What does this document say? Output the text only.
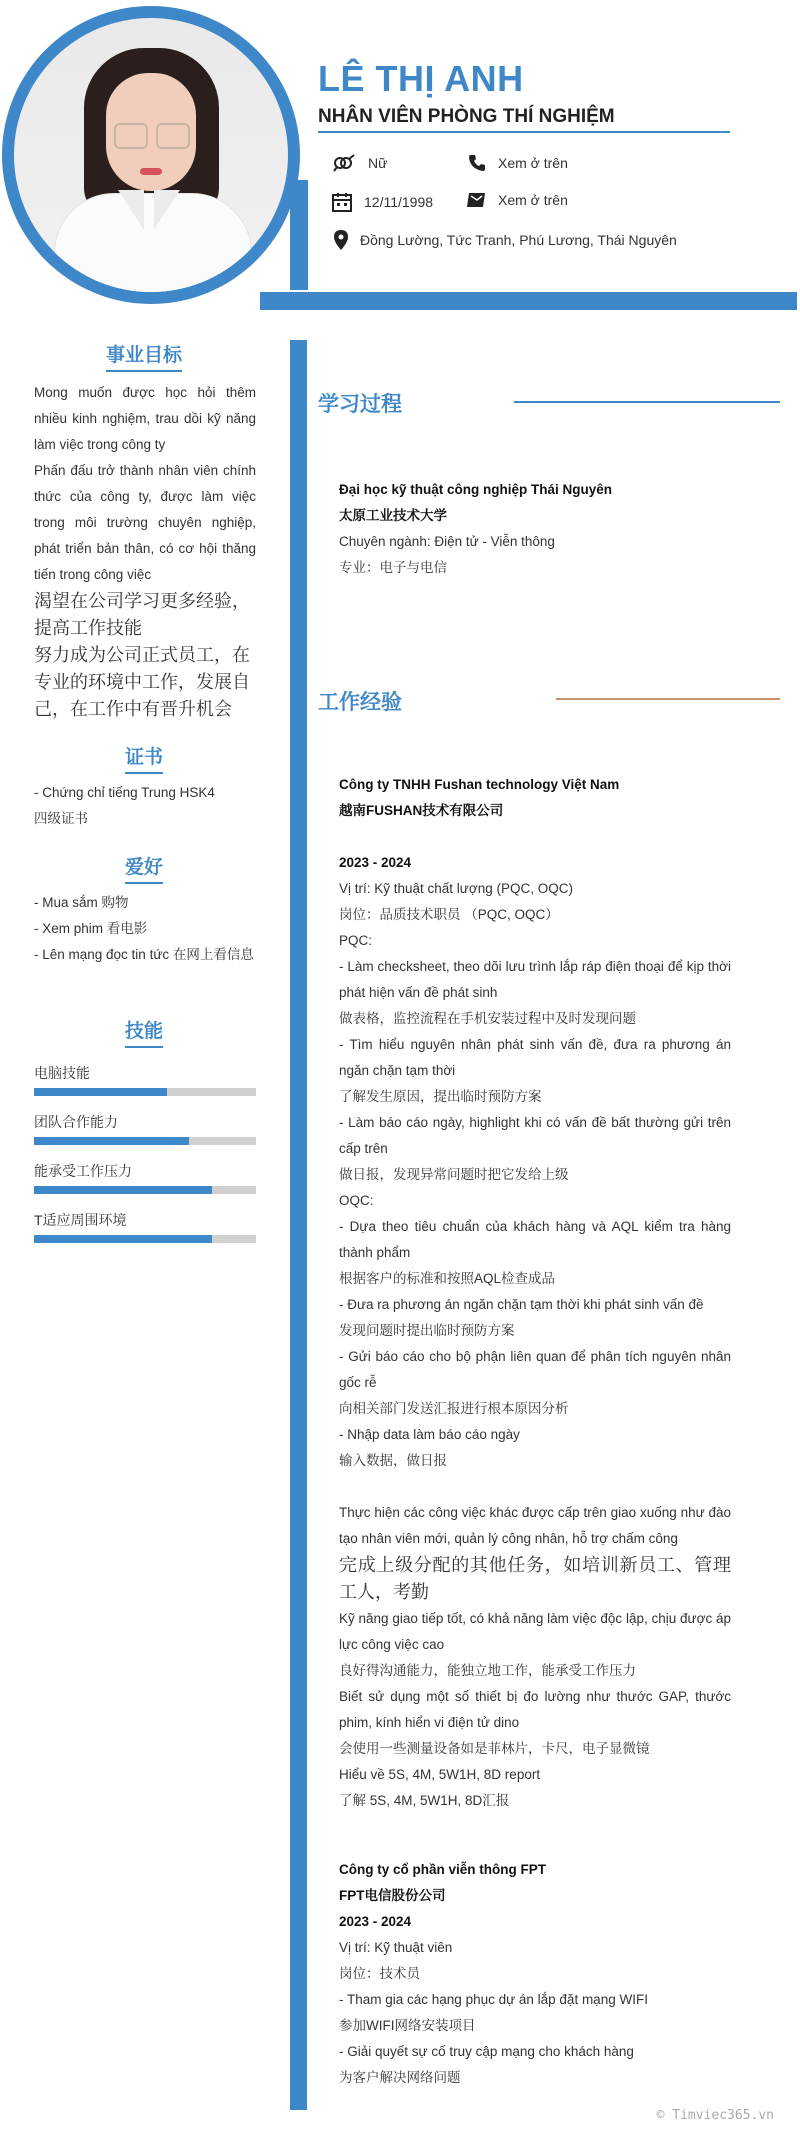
LÊ THỊ ANH
NHÂN VIÊN PHÒNG THÍ NGHIỆM
Nữ	Xem ở trên
12/11/1998	Xem ở trên
Đồng Lường, Tức Tranh, Phú Lương, Thái Nguyên
事业目标
Mong muốn được học hỏi thêm nhiều kinh nghiệm, trau dồi kỹ năng làm việc trong công ty
Phấn đấu trở thành nhân viên chính thức của công ty, được làm việc trong môi trường chuyên nghiệp, phát triển bản thân, có cơ hội thăng tiến trong công việc
渴望在公司学习更多经验，提高工作技能
努力成为公司正式员工，在专业的环境中工作，发展自己，在工作中有晋升机会
证书
- Chứng chỉ tiếng Trung HSK4
四级证书
爱好
- Mua sắm 购物
- Xem phim 看电影
- Lên mạng đọc tin tức 在网上看信息
技能
电脑技能
团队合作能力
能承受工作压力
T适应周围环境
学习过程
Đại học kỹ thuật công nghiệp Thái Nguyên
太原工业技术大学
Chuyên ngành: Điện tử - Viễn thông
专业：电子与电信
工作经验
Công ty TNHH Fushan technology Việt Nam
越南FUSHAN技术有限公司
2023 - 2024
Vị trí: Kỹ thuật chất lượng (PQC, OQC)
岗位：品质技术职员 （PQC, OQC）
PQC:
- Làm checksheet, theo dõi lưu trình lắp ráp điện thoại để kịp thời phát hiện vấn đề phát sinh
做表格，监控流程在手机安装过程中及时发现问题
- Tìm hiểu nguyên nhân phát sinh vấn đề, đưa ra phương án ngăn chặn tạm thời
了解发生原因，提出临时预防方案
- Làm báo cáo ngày, highlight khi có vấn đề bất thường gửi trên cấp trên
做日报，发现异常问题时把它发给上级
OQC:
- Dựa theo tiêu chuẩn của khách hàng và AQL kiểm tra hàng thành phẩm
根据客户的标准和按照AQL检查成品
- Đưa ra phương án ngăn chặn tạm thời khi phát sinh vấn đề
发现问题时提出临时预防方案
- Gửi báo cáo cho bộ phận liên quan để phân tích nguyên nhân gốc rễ
向相关部门发送汇报进行根本原因分析
- Nhập data làm báo cáo ngày
输入数据，做日报
Thực hiện các công việc khác được cấp trên giao xuống như đào tạo nhân viên mới, quản lý công nhân, hỗ trợ chấm công
完成上级分配的其他任务，如培训新员工、管理工人，考勤
Kỹ năng giao tiếp tốt, có khả năng làm việc độc lập, chịu được áp lực công việc cao
良好得沟通能力，能独立地工作，能承受工作压力
Biết sử dụng một số thiết bị đo lường như thước GAP, thước phim, kính hiển vi điện tử dino
会使用一些测量设备如是菲林片，卡尺，电子显微镜
Hiểu về 5S, 4M, 5W1H, 8D report
了解 5S, 4M, 5W1H, 8D汇报
Công ty cổ phần viễn thông FPT
FPT电信股份公司
2023 - 2024
Vị trí: Kỹ thuật viên
岗位：技术员
- Tham gia các hạng phục dự án lắp đặt mạng WIFI
参加WIFI网络安装项目
- Giải quyết sự cố truy cập mạng cho khách hàng
为客户解决网络问题
© Timviec365.vn
